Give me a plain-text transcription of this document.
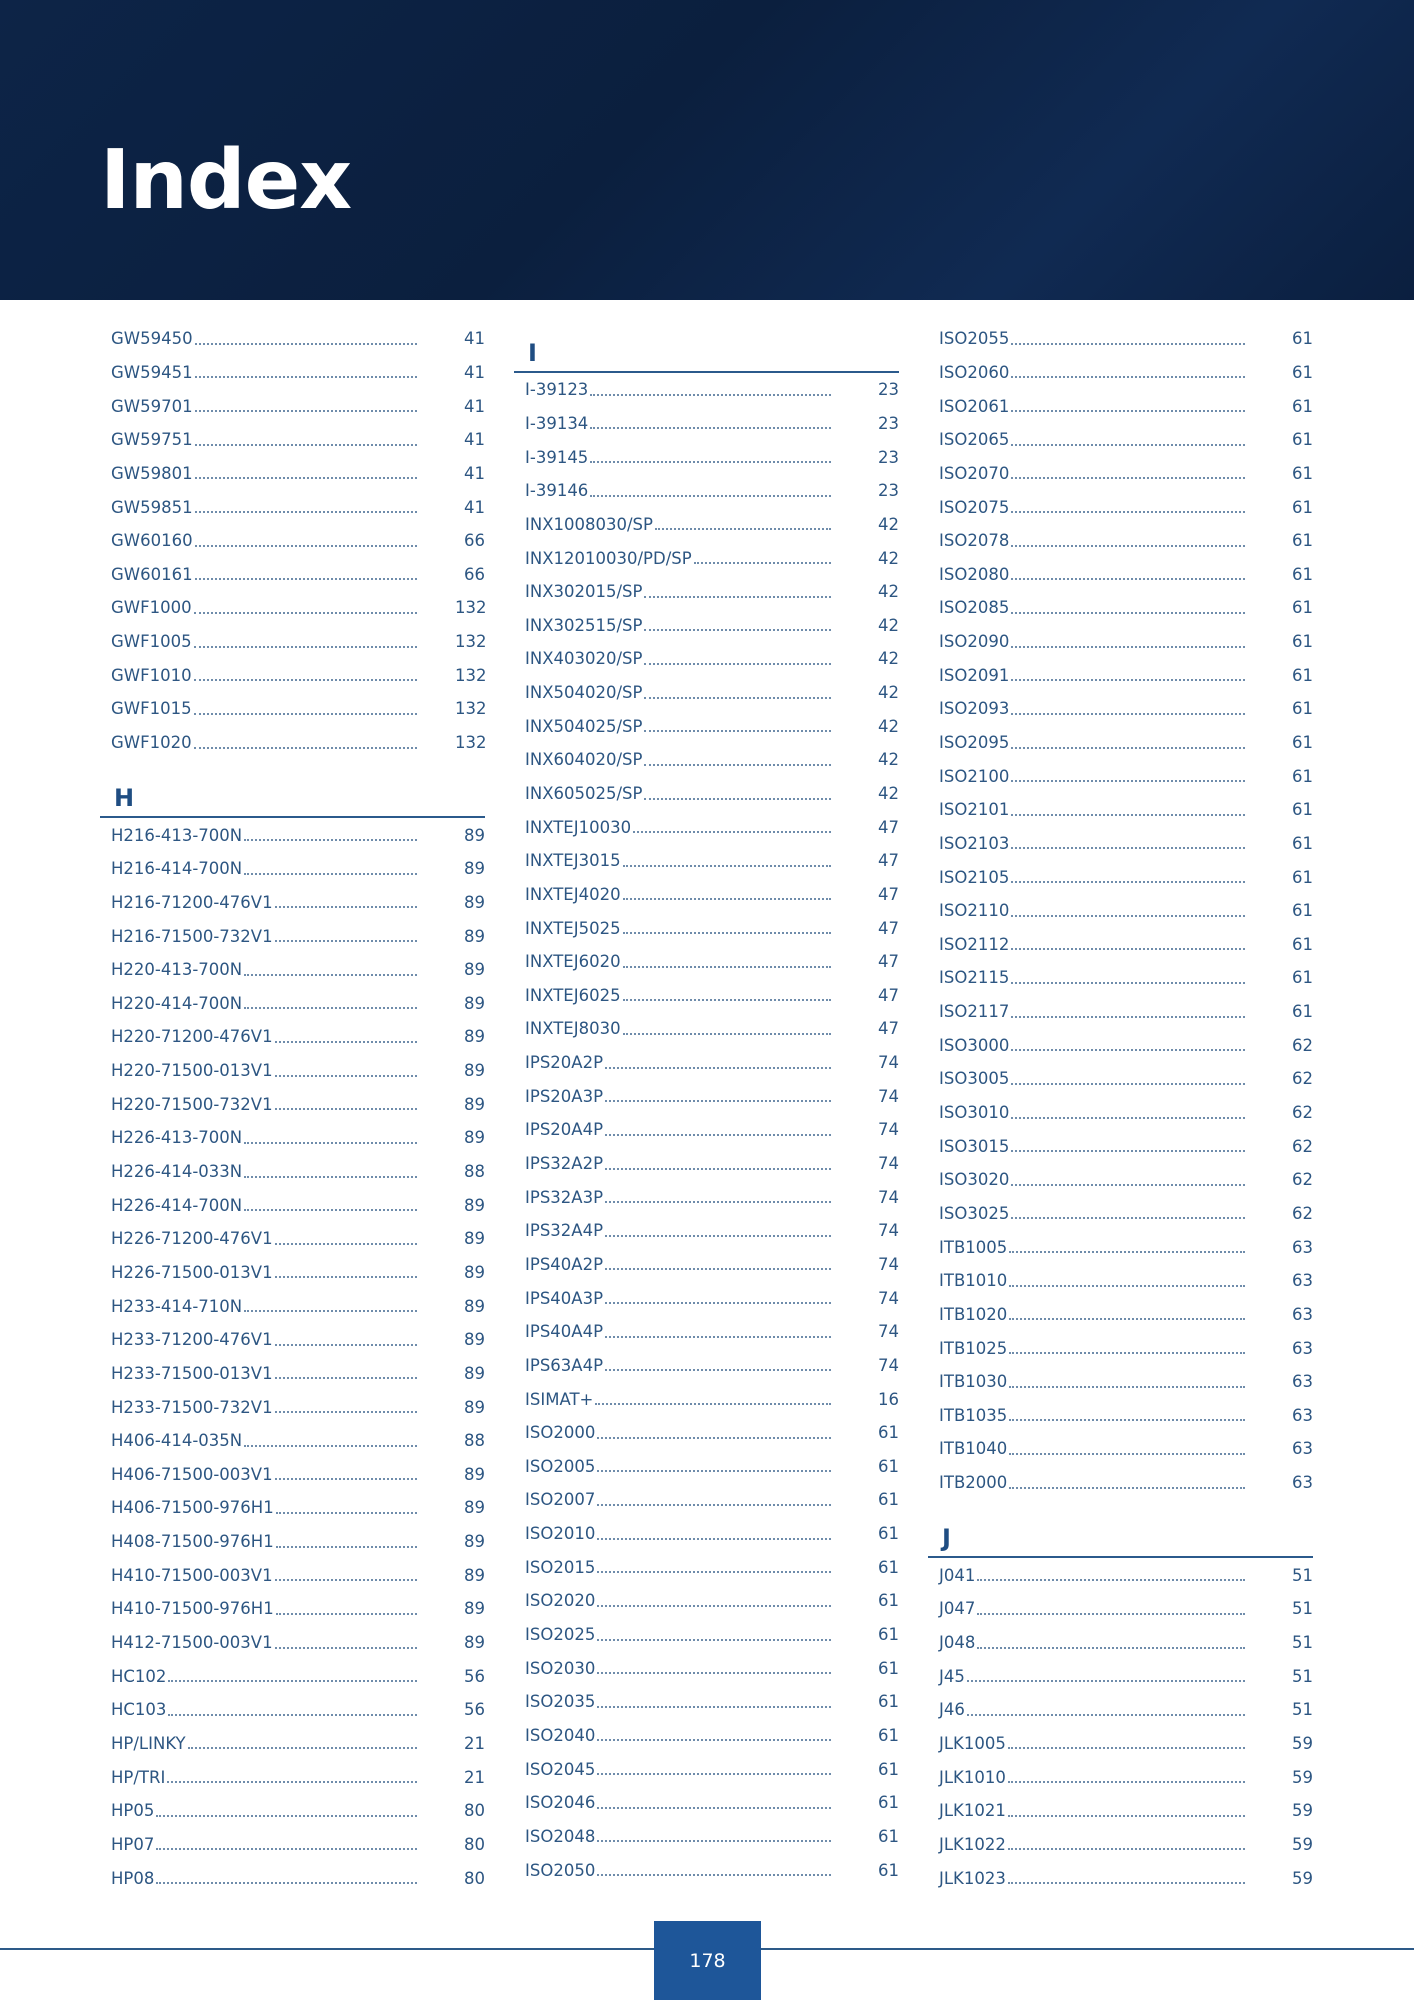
Index
GW59450	41
GW59451	41
GW59701	41
GW59751	41
GW59801	41
GW59851	41
GW60160	66
GW60161	66
GWF1000	132
GWF1005	132
GWF1010	132
GWF1015	132
GWF1020	132
H
H216-413-700N	89
H216-414-700N	89
H216-71200-476V1	89
H216-71500-732V1	89
H220-413-700N	89
H220-414-700N	89
H220-71200-476V1	89
H220-71500-013V1	89
H220-71500-732V1	89
H226-413-700N	89
H226-414-033N	88
H226-414-700N	89
H226-71200-476V1	89
H226-71500-013V1	89
H233-414-710N	89
H233-71200-476V1	89
H233-71500-013V1	89
H233-71500-732V1	89
H406-414-035N	88
H406-71500-003V1	89
H406-71500-976H1	89
H408-71500-976H1	89
H410-71500-003V1	89
H410-71500-976H1	89
H412-71500-003V1	89
HC102	56
HC103	56
HP/LINKY	21
HP/TRI	21
HP05	80
HP07	80
HP08	80
I
I-39123	23
I-39134	23
I-39145	23
I-39146	23
INX1008030/SP	42
INX12010030/PD/SP	42
INX302015/SP	42
INX302515/SP	42
INX403020/SP	42
INX504020/SP	42
INX504025/SP	42
INX604020/SP	42
INX605025/SP	42
INXTEJ10030	47
INXTEJ3015	47
INXTEJ4020	47
INXTEJ5025	47
INXTEJ6020	47
INXTEJ6025	47
INXTEJ8030	47
IPS20A2P	74
IPS20A3P	74
IPS20A4P	74
IPS32A2P	74
IPS32A3P	74
IPS32A4P	74
IPS40A2P	74
IPS40A3P	74
IPS40A4P	74
IPS63A4P	74
ISIMAT+	16
ISO2000	61
ISO2005	61
ISO2007	61
ISO2010	61
ISO2015	61
ISO2020	61
ISO2025	61
ISO2030	61
ISO2035	61
ISO2040	61
ISO2045	61
ISO2046	61
ISO2048	61
ISO2050	61
ISO2055	61
ISO2060	61
ISO2061	61
ISO2065	61
ISO2070	61
ISO2075	61
ISO2078	61
ISO2080	61
ISO2085	61
ISO2090	61
ISO2091	61
ISO2093	61
ISO2095	61
ISO2100	61
ISO2101	61
ISO2103	61
ISO2105	61
ISO2110	61
ISO2112	61
ISO2115	61
ISO2117	61
ISO3000	62
ISO3005	62
ISO3010	62
ISO3015	62
ISO3020	62
ISO3025	62
ITB1005	63
ITB1010	63
ITB1020	63
ITB1025	63
ITB1030	63
ITB1035	63
ITB1040	63
ITB2000	63
J
J041	51
J047	51
J048	51
J45	51
J46	51
JLK1005	59
JLK1010	59
JLK1021	59
JLK1022	59
JLK1023	59
178
